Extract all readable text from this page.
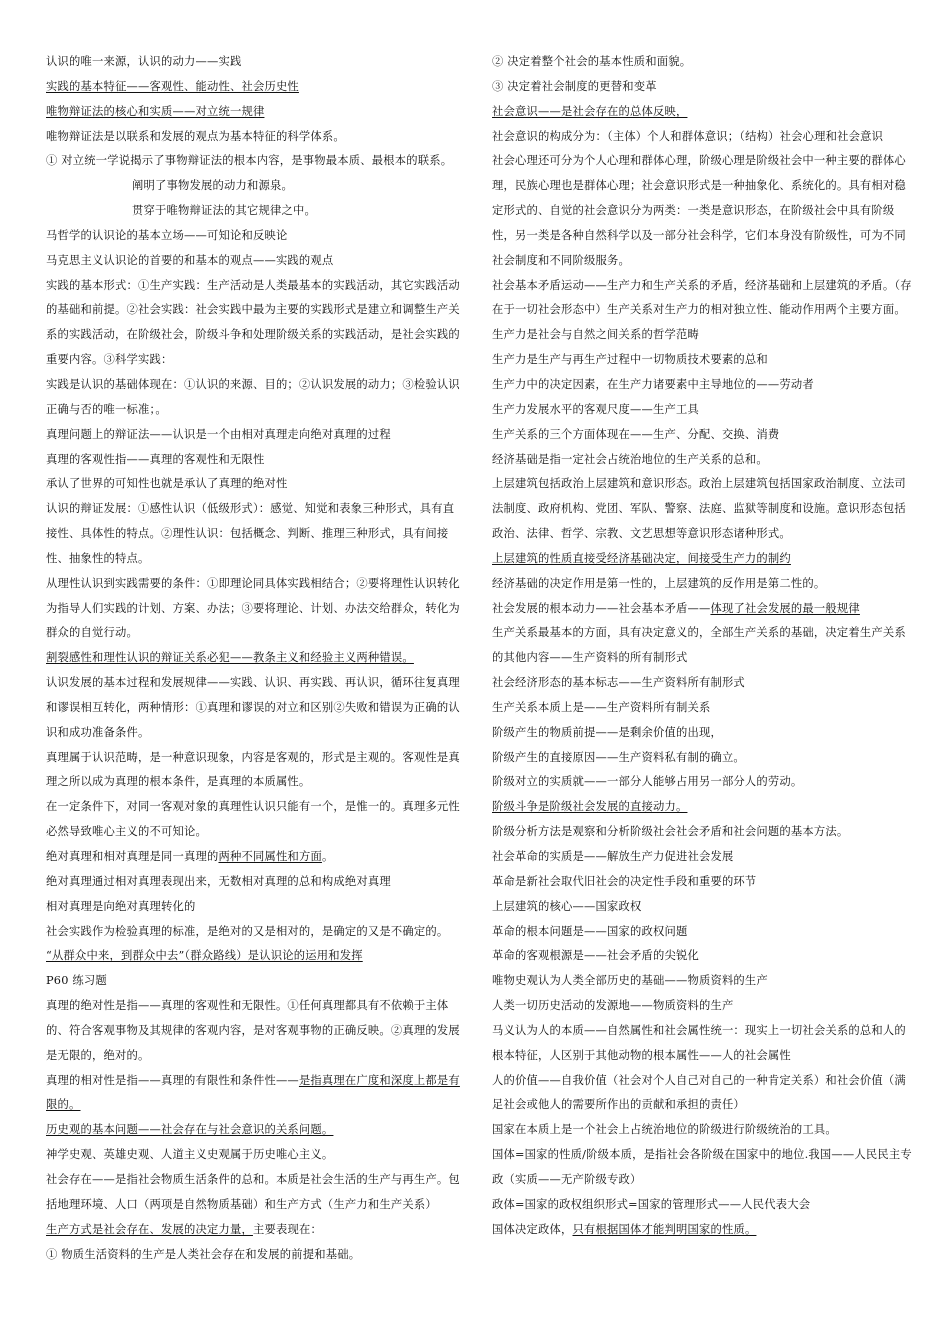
认识的唯一来源，认识的动力——实践

实践的基本特征——客观性、能动性、社会历史性

唯物辩证法的核心和实质——对立统一规律

唯物辩证法是以联系和发展的观点为基本特征的科学体系。

① 对立统一学说揭示了事物辩证法的根本内容，是事物最本质、最根本的联系。

阐明了事物发展的动力和源泉。

贯穿于唯物辩证法的其它规律之中。

马哲学的认识论的基本立场——可知论和反映论

马克思主义认识论的首要的和基本的观点——实践的观点

实践的基本形式：①生产实践：生产活动是人类最基本的实践活动，其它实践活动的基础和前提。②社会实践：社会实践中最为主要的实践形式是建立和调整生产关系的实践活动，在阶级社会，阶级斗争和处理阶级关系的实践活动，是社会实践的重要内容。③科学实践：

实践是认识的基础体现在：①认识的来源、目的；②认识发展的动力；③检验认识正确与否的唯一标准；。

真理问题上的辩证法——认识是一个由相对真理走向绝对真理的过程

真理的客观性指——真理的客观性和无限性

承认了世界的可知性也就是承认了真理的绝对性

认识的辩证发展：①感性认识（低级形式）：感觉、知觉和表象三种形式，具有直接性、具体性的特点。②理性认识：包括概念、判断、推理三种形式，具有间接性、抽象性的特点。

从理性认识到实践需要的条件：①即理论同具体实践相结合；②要将理性认识转化为指导人们实践的计划、方案、办法；③要将理论、计划、办法交给群众，转化为群众的自觉行动。

割裂感性和理性认识的辩证关系必犯——教条主义和经验主义两种错误。

认识发展的基本过程和发展规律——实践、认识、再实践、再认识，循环往复真理和谬误相互转化，两种情形：①真理和谬误的对立和区别②失败和错误为正确的认识和成功准备条件。

真理属于认识范畴，是一种意识现象，内容是客观的，形式是主观的。客观性是真理之所以成为真理的根本条件，是真理的本质属性。

在一定条件下，对同一客观对象的真理性认识只能有一个，是惟一的。真理多元性必然导致唯心主义的不可知论。

绝对真理和相对真理是同一真理的两种不同属性和方面。

绝对真理通过相对真理表现出来，无数相对真理的总和构成绝对真理

相对真理是向绝对真理转化的

社会实践作为检验真理的标准，是绝对的又是相对的，是确定的又是不确定的。

“从群众中来，到群众中去”（群众路线）是认识论的运用和发挥

P60 练习题

真理的绝对性是指——真理的客观性和无限性。①任何真理都具有不依赖于主体的、符合客观事物及其规律的客观内容，是对客观事物的正确反映。②真理的发展是无限的，绝对的。

真理的相对性是指——真理的有限性和条件性——是指真理在广度和深度上都是有限的。

历史观的基本问题——社会存在与社会意识的关系问题。

神学史观、英雄史观、人道主义史观属于历史唯心主义。

社会存在——是指社会物质生活条件的总和。本质是社会生活的生产与再生产。包括地理环境、人口（两项是自然物质基础）和生产方式（生产力和生产关系）

生产方式是社会存在、发展的决定力量，主要表现在：

① 物质生活资料的生产是人类社会存在和发展的前提和基础。

② 决定着整个社会的基本性质和面貌。

③ 决定着社会制度的更替和变革

社会意识——是社会存在的总体反映，

社会意识的构成分为：（主体）个人和群体意识；（结构）社会心理和社会意识

社会心理还可分为个人心理和群体心理，阶级心理是阶级社会中一种主要的群体心理，民族心理也是群体心理；社会意识形式是一种抽象化、系统化的。具有相对稳定形式的、自觉的社会意识分为两类：一类是意识形态，在阶级社会中具有阶级性，另一类是各种自然科学以及一部分社会科学，它们本身没有阶级性，可为不同社会制度和不同阶级服务。

社会基本矛盾运动——生产力和生产关系的矛盾，经济基础和上层建筑的矛盾。（存在于一切社会形态中）生产关系对生产力的相对独立性、能动作用两个主要方面。

生产力是社会与自然之间关系的哲学范畴

生产力是生产与再生产过程中一切物质技术要素的总和

生产力中的决定因素，在生产力诸要素中主导地位的——劳动者

生产力发展水平的客观尺度——生产工具

生产关系的三个方面体现在——生产、分配、交换、消费

经济基础是指一定社会占统治地位的生产关系的总和。

上层建筑包括政治上层建筑和意识形态。政治上层建筑包括国家政治制度、立法司法制度、政府机构、党团、军队、警察、法庭、监狱等制度和设施。意识形态包括政治、法律、哲学、宗教、文艺思想等意识形态诸种形式。

上层建筑的性质直接受经济基础决定，间接受生产力的制约

经济基础的决定作用是第一性的，上层建筑的反作用是第二性的。

社会发展的根本动力——社会基本矛盾——体现了社会发展的最一般规律

生产关系最基本的方面，具有决定意义的，全部生产关系的基础，决定着生产关系的其他内容——生产资料的所有制形式

社会经济形态的基本标志——生产资料所有制形式

生产关系本质上是——生产资料所有制关系

阶级产生的物质前提——是剩余价值的出现，

阶级产生的直接原因——生产资料私有制的确立。

阶级对立的实质就——一部分人能够占用另一部分人的劳动。

阶级斗争是阶级社会发展的直接动力。

阶级分析方法是观察和分析阶级社会社会矛盾和社会问题的基本方法。

社会革命的实质是——解放生产力促进社会发展

革命是新社会取代旧社会的决定性手段和重要的环节

上层建筑的核心——国家政权

革命的根本问题是——国家的政权问题

革命的客观根源是——社会矛盾的尖锐化

唯物史观认为人类全部历史的基础——物质资料的生产

人类一切历史活动的发源地——物质资料的生产

马义认为人的本质——自然属性和社会属性统一：现实上一切社会关系的总和人的根本特征，人区别于其他动物的根本属性——人的社会属性

人的价值——自我价值（社会对个人自己对自己的一种肯定关系）和社会价值（满足社会或他人的需要所作出的贡献和承担的责任）

国家在本质上是一个社会上占统治地位的阶级进行阶级统治的工具。

国体=国家的性质/阶级本质，是指社会各阶级在国家中的地位.我国——人民民主专政（实质——无产阶级专政）

政体=国家的政权组织形式=国家的管理形式——人民代表大会

国体决定政体，只有根据国体才能判明国家的性质。
